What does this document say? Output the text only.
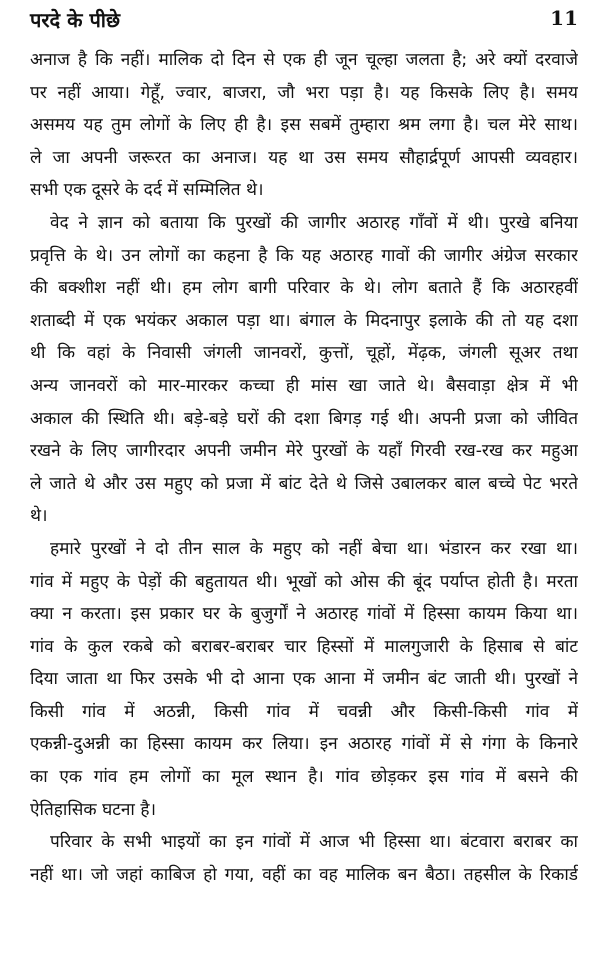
परदे के पीछे	11
अनाज है कि नहीं। मालिक दो दिन से एक ही जून चूल्हा जलता है; अरे क्यों दरवाजे
पर नहीं आया। गेहूँ, ज्वार, बाजरा, जौ भरा पड़ा है। यह किसके लिए है। समय
असमय यह तुम लोगों के लिए ही है। इस सबमें तुम्हारा श्रम लगा है। चल मेरे साथ।
ले जा अपनी जरूरत का अनाज। यह था उस समय सौहार्द्रपूर्ण आपसी व्यवहार।
सभी एक दूसरे के दर्द में सम्मिलित थे।
वेद ने ज्ञान को बताया कि पुरखों की जागीर अठारह गाँवों में थी। पुरखे बनिया
प्रवृत्ति के थे। उन लोगों का कहना है कि यह अठारह गावों की जागीर अंग्रेज सरकार
की बक्शीश नहीं थी। हम लोग बागी परिवार के थे। लोग बताते हैं कि अठारहवीं
शताब्दी में एक भयंकर अकाल पड़ा था। बंगाल के मिदनापुर इलाके की तो यह दशा
थी कि वहां के निवासी जंगली जानवरों, कुत्तों, चूहों, मेंढ़क, जंगली सूअर तथा
अन्य जानवरों को मार-मारकर कच्चा ही मांस खा जाते थे। बैसवाड़ा क्षेत्र में भी
अकाल की स्थिति थी। बड़े-बड़े घरों की दशा बिगड़ गई थी। अपनी प्रजा को जीवित
रखने के लिए जागीरदार अपनी जमीन मेरे पुरखों के यहाँ गिरवी रख-रख कर महुआ
ले जाते थे और उस महुए को प्रजा में बांट देते थे जिसे उबालकर बाल बच्चे पेट भरते
थे।
हमारे पुरखों ने दो तीन साल के महुए को नहीं बेचा था। भंडारन कर रखा था।
गांव में महुए के पेड़ों की बहुतायत थी। भूखों को ओस की बूंद पर्याप्त होती है। मरता
क्या न करता। इस प्रकार घर के बुजुर्गों ने अठारह गांवों में हिस्सा कायम किया था।
गांव के कुल रकबे को बराबर-बराबर चार हिस्सों में मालगुजारी के हिसाब से बांट
दिया जाता था फिर उसके भी दो आना एक आना में जमीन बंट जाती थी। पुरखों ने
किसी गांव में अठन्नी, किसी गांव में चवन्नी और किसी-किसी गांव में
एकन्नी-दुअन्नी का हिस्सा कायम कर लिया। इन अठारह गांवों में से गंगा के किनारे
का एक गांव हम लोगों का मूल स्थान है। गांव छोड़कर इस गांव में बसने की
ऐतिहासिक घटना है।
परिवार के सभी भाइयों का इन गांवों में आज भी हिस्सा था। बंटवारा बराबर का
नहीं था। जो जहां काबिज हो गया, वहीं का वह मालिक बन बैठा। तहसील के रिकार्ड
